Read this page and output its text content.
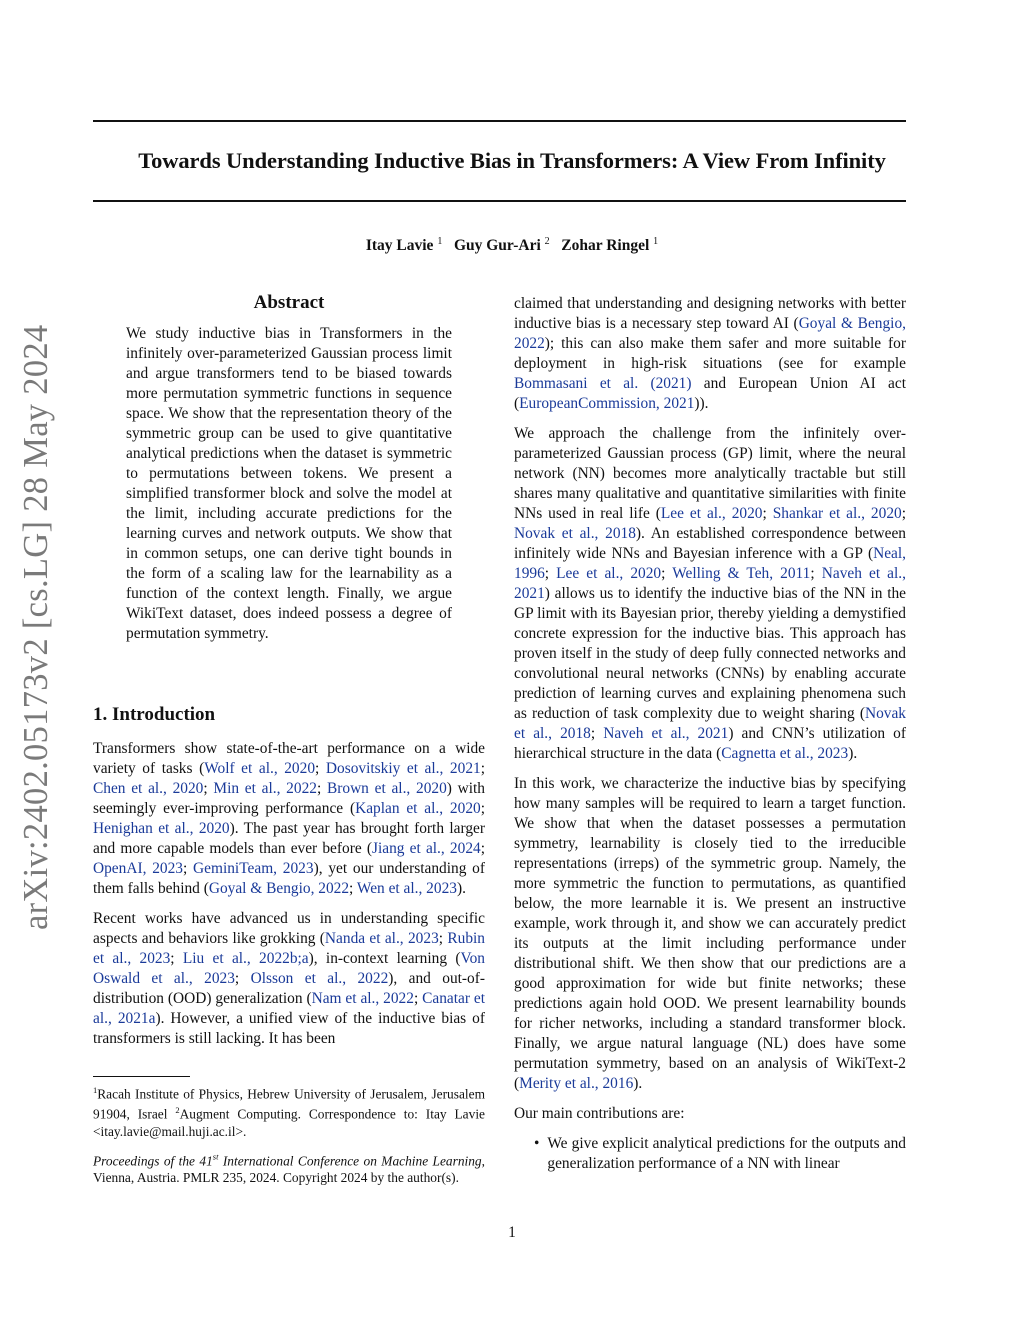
Towards Understanding Inductive Bias in Transformers: A View From Infinity
Itay Lavie $^1$ Guy Gur-Ari $^2$ Zohar Ringel $^1$
arXiv:2402.05173v2 [cs.LG] 28 May 2024
Abstract

We study inductive bias in Transformers in the infinitely over-parameterized Gaussian process limit and argue transformers tend to be biased towards more permutation symmetric functions in sequence space. We show that the representation theory of the symmetric group can be used to give quantitative analytical predictions when the dataset is symmetric to permutations between tokens. We present a simplified transformer block and solve the model at the limit, including accurate predictions for the learning curves and network outputs. We show that in common setups, one can derive tight bounds in the form of a scaling law for the learnability as a function of the context length. Finally, we argue WikiText dataset, does indeed possess a degree of permutation symmetry.

1. Introduction

Transformers show state-of-the-art performance on a wide variety of tasks (Wolf et al., 2020; Dosovitskiy et al., 2021; Chen et al., 2020; Min et al., 2022; Brown et al., 2020) with seemingly ever-improving performance (Kaplan et al., 2020; Henighan et al., 2020). The past year has brought forth larger and more capable models than ever before (Jiang et al., 2024; OpenAI, 2023; GeminiTeam, 2023), yet our understanding of them falls behind (Goyal & Bengio, 2022; Wen et al., 2023).

Recent works have advanced us in understanding specific aspects and behaviors like grokking (Nanda et al., 2023; Rubin et al., 2023; Liu et al., 2022b;a), in-context learning (Von Oswald et al., 2023; Olsson et al., 2022), and out-of-distribution (OOD) generalization (Nam et al., 2022; Canatar et al., 2021a). However, a unified view of the inductive bias of transformers is still lacking. It has been

$^1$Racah Institute of Physics, Hebrew University of Jerusalem, Jerusalem 91904, Israel $^2$Augment Computing. Correspondence to: Itay Lavie <itay.lavie@mail.huji.ac.il>.

Proceedings of the 41st International Conference on Machine Learning, Vienna, Austria. PMLR 235, 2024. Copyright 2024 by the author(s).

claimed that understanding and designing networks with better inductive bias is a necessary step toward AI (Goyal & Bengio, 2022); this can also make them safer and more suitable for deployment in high-risk situations (see for example Bommasani et al. (2021) and European Union AI act (EuropeanCommission, 2021)).

We approach the challenge from the infinitely over-parameterized Gaussian process (GP) limit, where the neural network (NN) becomes more analytically tractable but still shares many qualitative and quantitative similarities with finite NNs used in real life (Lee et al., 2020; Shankar et al., 2020; Novak et al., 2018). An established correspondence between infinitely wide NNs and Bayesian inference with a GP (Neal, 1996; Lee et al., 2020; Welling & Teh, 2011; Naveh et al., 2021) allows us to identify the inductive bias of the NN in the GP limit with its Bayesian prior, thereby yielding a demystified concrete expression for the inductive bias. This approach has proven itself in the study of deep fully connected networks and convolutional neural networks (CNNs) by enabling accurate prediction of learning curves and explaining phenomena such as reduction of task complexity due to weight sharing (Novak et al., 2018; Naveh et al., 2021) and CNN’s utilization of hierarchical structure in the data (Cagnetta et al., 2023).

In this work, we characterize the inductive bias by specifying how many samples will be required to learn a target function. We show that when the dataset possesses a permutation symmetry, learnability is closely tied to the irreducible representations (irreps) of the symmetric group. Namely, the more symmetric the function to permutations, as quantified below, the more learnable it is. We present an instructive example, work through it, and show we can accurately predict its outputs at the limit including performance under distributional shift. We then show that our predictions are a good approximation for wide but finite networks; these predictions again hold OOD. We present learnability bounds for richer networks, including a standard transformer block. Finally, we argue natural language (NL) does have some permutation symmetry, based on an analysis of WikiText-2 (Merity et al., 2016).

Our main contributions are:

• We give explicit analytical predictions for the outputs and generalization performance of a NN with linear
1
